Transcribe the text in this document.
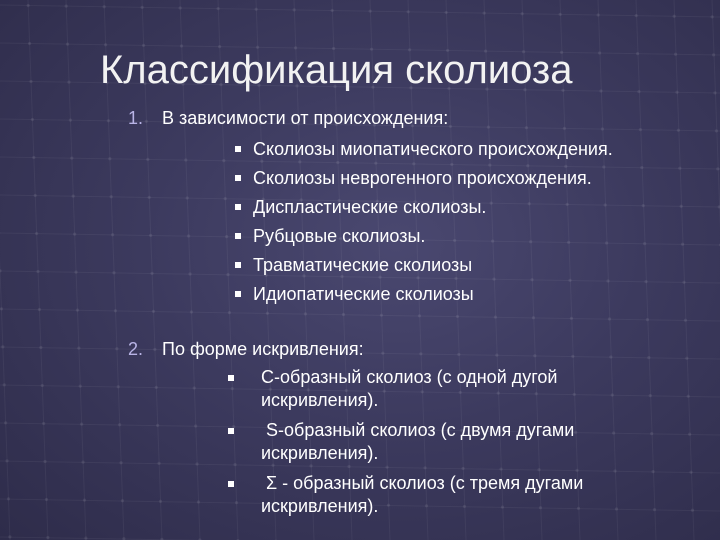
Классификация сколиоза
1. В зависимости от происхождения:
Сколиозы миопатического происхождения.
Сколиозы неврогенного происхождения.
Диспластические сколиозы.
Рубцовые сколиозы.
Травматические сколиозы
Идиопатические сколиозы
2. По форме искривления:
С-образный сколиоз (с одной дугой
искривления).
S-образный сколиоз (с двумя дугами
искривления).
Σ - образный сколиоз (с тремя дугами
искривления).
